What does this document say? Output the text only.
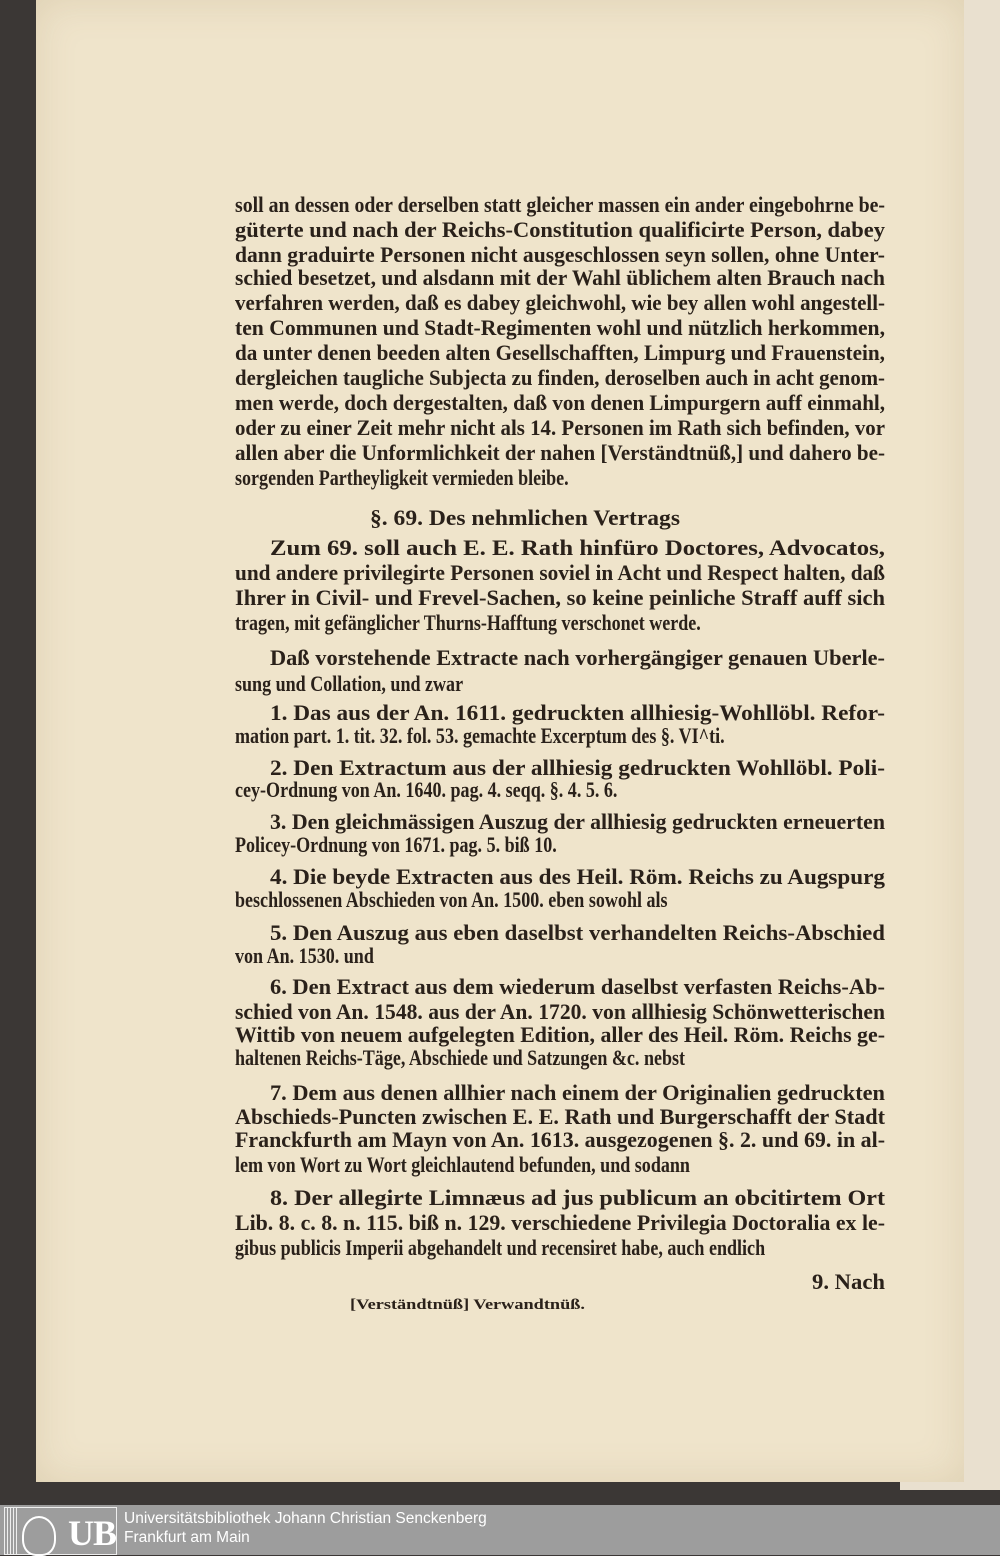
soll an dessen oder derselben statt gleicher massen ein ander eingebohrne be-
güterte und nach der Reichs-Constitution qualificirte Person, dabey
dann graduirte Personen nicht ausgeschlossen seyn sollen, ohne Unter-
schied besetzet, und alsdann mit der Wahl üblichem alten Brauch nach
verfahren werden, daß es dabey gleichwohl, wie bey allen wohl angestell-
ten Communen und Stadt-Regimenten wohl und nützlich herkommen,
da unter denen beeden alten Gesellschafften, Limpurg und Frauenstein,
dergleichen taugliche Subjecta zu finden, deroselben auch in acht genom-
men werde, doch dergestalten, daß von denen Limpurgern auff einmahl,
oder zu einer Zeit mehr nicht als 14. Personen im Rath sich befinden, vor
allen aber die Unformlichkeit der nahen [Verständtnüß,] und dahero be-
sorgenden Partheyligkeit vermieden bleibe.
§. 69. Des nehmlichen Vertrags
Zum 69. soll auch E. E. Rath hinfüro Doctores, Advocatos,
und andere privilegirte Personen soviel in Acht und Respect halten, daß
Ihrer in Civil- und Frevel-Sachen, so keine peinliche Straff auff sich
tragen, mit gefänglicher Thurns-Hafftung verschonet werde.
Daß vorstehende Extracte nach vorhergängiger genauen Uberle-
sung und Collation, und zwar
1. Das aus der An. 1611. gedruckten allhiesig-Wohllöbl. Refor-
mation part. 1. tit. 32. fol. 53. gemachte Excerptum des §. VI^ti.
2. Den Extractum aus der allhiesig gedruckten Wohllöbl. Poli-
cey-Ordnung von An. 1640. pag. 4. seqq. §. 4. 5. 6.
3. Den gleichmässigen Auszug der allhiesig gedruckten erneuerten
Policey-Ordnung von 1671. pag. 5. biß 10.
4. Die beyde Extracten aus des Heil. Röm. Reichs zu Augspurg
beschlossenen Abschieden von An. 1500. eben sowohl als
5. Den Auszug aus eben daselbst verhandelten Reichs-Abschied
von An. 1530. und
6. Den Extract aus dem wiederum daselbst verfasten Reichs-Ab-
schied von An. 1548. aus der An. 1720. von allhiesig Schönwetterischen
Wittib von neuem aufgelegten Edition, aller des Heil. Röm. Reichs ge-
haltenen Reichs-Täge, Abschiede und Satzungen &c. nebst
7. Dem aus denen allhier nach einem der Originalien gedruckten
Abschieds-Puncten zwischen E. E. Rath und Burgerschafft der Stadt
Franckfurth am Mayn von An. 1613. ausgezogenen §. 2. und 69. in al-
lem von Wort zu Wort gleichlautend befunden, und sodann
8. Der allegirte Limnæus ad jus publicum an obcitirtem Ort
Lib. 8. c. 8. n. 115. biß n. 129. verschiedene Privilegia Doctoralia ex le-
gibus publicis Imperii abgehandelt und recensiret habe, auch endlich
9. Nach
[Verständtnüß] Verwandtnüß.
UB Universitätsbibliothek Johann Christian Senckenberg
Frankfurt am Main
